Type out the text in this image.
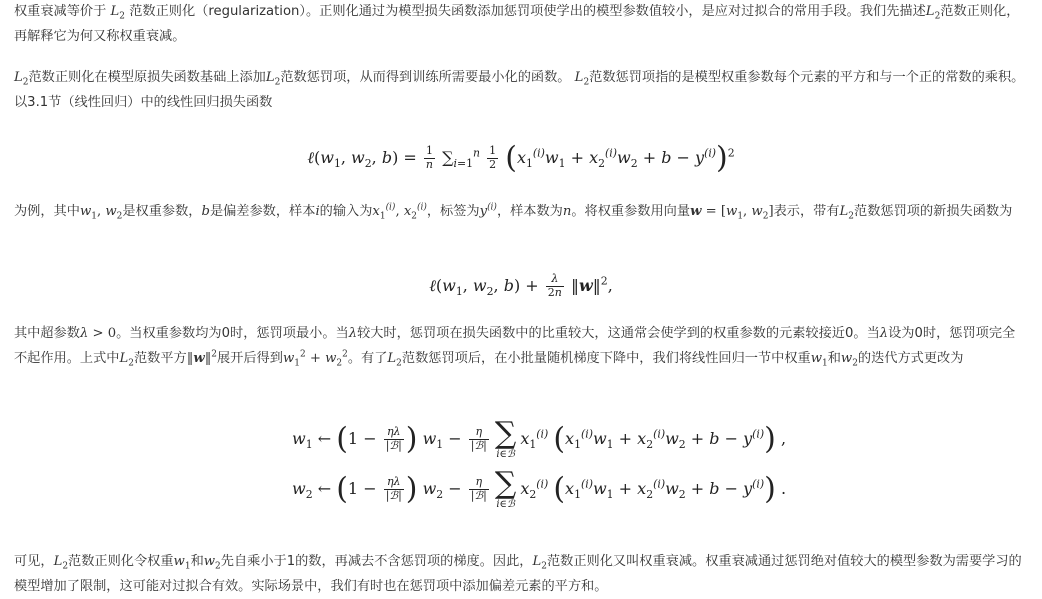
权重衰减等价于 $L_2$ 范数正则化（regularization）。正则化通过为模型损失函数添加惩罚项使学出的模型参数值较小，是应对过拟合的常用手段。我们先描述$L_2$范数正则化，再解释它为何又称权重衰减。
$L_2$范数正则化在模型原损失函数基础上添加$L_2$范数惩罚项，从而得到训练所需要最小化的函数。 $L_2$范数惩罚项指的是模型权重参数每个元素的平方和与一个正的常数的乘积。以3.1节（线性回归）中的线性回归损失函数
$\ell(w_1$, $w_2$, $b) = \frac{1}{n} \sum_{i=1}^n \frac{1}{2} (x_1^{(i)}w_1 + x_2^{(i)}w_2 + b - y^{(i)})^2$
为例，其中$w_1$, $w_2$是权重参数，b是偏差参数，样本i的输入为$x_1^{(i)}$, $x_2^{(i)}$，标签为$y^{(i)}$，样本数为n。将权重参数用向量$w = [w_1$, $w_2$]表示，带有$L_2$范数惩罚项的新损失函数为
$\ell(w_1$, $w_2$, $b) + \frac{\lambda}{2n}$ ‖w‖$^2$,
其中超参数λ > 0。当权重参数均为0时，惩罚项最小。当λ较大时，惩罚项在损失函数中的比重较大，这通常会使学到的权重参数的元素较接近0。当λ设为0时，惩罚项完全不起作用。上式中$L_2$范数平方‖w‖$^2$展开后得到$w_1^2 + w_2^2$。有了$L_2$范数惩罚项后，在小批量随机梯度下降中，我们将线性回归一节中权重$w_1$和$w_2$的迭代方式更改为
$w_1$ ← ($1 - \frac{\eta\lambda}{\text{|ℬ|}}$ ) $w_1 - \frac{\eta}{\text{|ℬ|}}$ ∑
i∈ℬ
$x_1^{(i)}$ $(x_1^{(i)}w_1 + x_2^{(i)}w_2 + b - y^{(i)})$ ,
$w_2$ ← ($1 - \frac{\eta\lambda}{\text{|ℬ|}}$ ) $w_2 - \frac{\eta}{\text{|ℬ|}}$ ∑
i∈ℬ
$x_2^{(i)}$ $(x_1^{(i)}w_1 + x_2^{(i)}w_2 + b - y^{(i)})$ .
可见，$L_2$范数正则化令权重$w_1$和$w_2$先自乘小于1的数，再减去不含惩罚项的梯度。因此，$L_2$范数正则化又叫权重衰减。权重衰减通过惩罚绝对值较大的模型参数为需要学习的模型增加了限制，这可能对过拟合有效。实际场景中，我们有时也在惩罚项中添加偏差元素的平方和。
